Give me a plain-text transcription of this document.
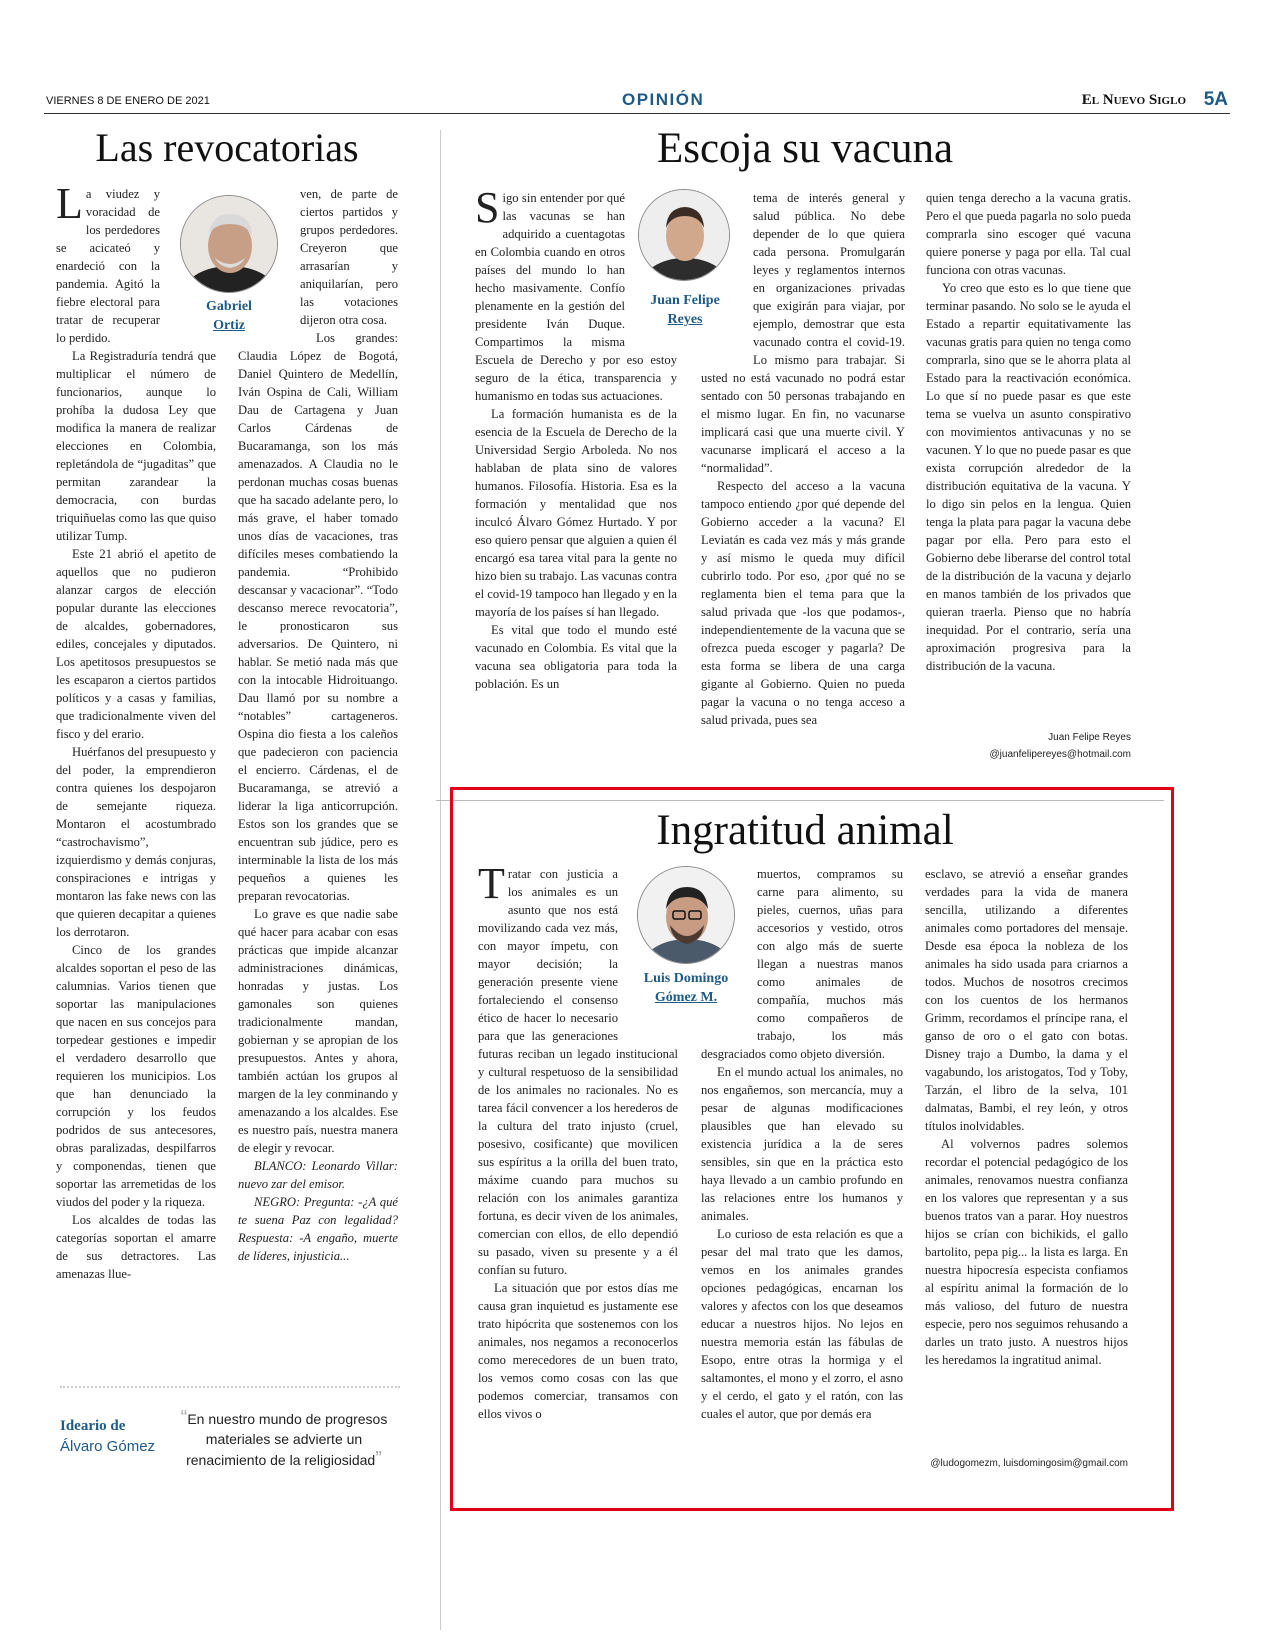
VIERNES 8 DE ENERO DE 2021	OPINIÓN	El Nuevo Siglo 5A
Las revocatorias
Gabriel
Ortiz

La viudez y voracidad de los perdedores se acicateó y enardeció con la pandemia. Agitó la fiebre electoral para tratar de recuperar lo perdido.

La Registraduría tendrá que multiplicar el número de funcionarios, aunque lo prohíba la dudosa Ley que modifica la manera de realizar elecciones en Colombia, repletándola de “jugaditas” que permitan zarandear la democracia, con burdas triquiñuelas como las que quiso utilizar Tump.

Este 21 abrió el apetito de aquellos que no pudieron alanzar cargos de elección popular durante las elecciones de alcaldes, gobernadores, ediles, concejales y diputados. Los apetitosos presupuestos se les escaparon a ciertos partidos políticos y a casas y familias, que tradicionalmente viven del fisco y del erario.

Huérfanos del presupuesto y del poder, la emprendieron contra quienes los despojaron de semejante riqueza. Montaron el acostumbrado “castrochavismo”, izquierdismo y demás conjuras, conspiraciones e intrigas y montaron las fake news con las que quieren decapitar a quienes los derrotaron.

Cinco de los grandes alcaldes soportan el peso de las calumnias. Varios tienen que soportar las manipulaciones que nacen en sus concejos para torpedear gestiones e impedir el verdadero desarrollo que requieren los municipios. Los que han denunciado la corrupción y los feudos podridos de sus antecesores, obras paralizadas, despilfarros y componendas, tienen que soportar las arremetidas de los viudos del poder y la riqueza.

Los alcaldes de todas las categorías soportan el amarre de sus detractores. Las amenazas llue-

ven, de parte de ciertos partidos y grupos perdedores. Creyeron que arrasarían y aniquilarían, pero las votaciones dijeron otra cosa.

Los grandes: Claudia López de Bogotá, Daniel Quintero de Medellín, Iván Ospina de Cali, William Dau de Cartagena y Juan Carlos Cárdenas de Bucaramanga, son los más amenazados. A Claudia no le perdonan muchas cosas buenas que ha sacado adelante pero, lo más grave, el haber tomado unos días de vacaciones, tras difíciles meses combatiendo la pandemia. “Prohibido descansar y vacacionar”. “Todo descanso merece revocatoria”, le pronosticaron sus adversarios. De Quintero, ni hablar. Se metió nada más que con la intocable Hidroituango. Dau llamó por su nombre a “notables” cartageneros. Ospina dio fiesta a los caleños que padecieron con paciencia el encierro. Cárdenas, el de Bucaramanga, se atrevió a liderar la liga anticorrupción. Estos son los grandes que se encuentran sub júdice, pero es interminable la lista de los más pequeños a quienes les preparan revocatorias.

Lo grave es que nadie sabe qué hacer para acabar con esas prácticas que impide alcanzar administraciones dinámicas, honradas y justas. Los gamonales son quienes tradicionalmente mandan, gobiernan y se apropian de los presupuestos. Antes y ahora, también actúan los grupos al margen de la ley conminando y amenazando a los alcaldes. Ese es nuestro país, nuestra manera de elegir y revocar.

BLANCO: Leonardo Villar: nuevo zar del emisor.

NEGRO: Pregunta: -¿A qué te suena Paz con legalidad? Respuesta: -A engaño, muerte de líderes, injusticia...

Ideario de
Álvaro Gómez
“En nuestro mundo de progresos materiales se advierte un renacimiento de la religiosidad”
Escoja su vacuna
Juan Felipe
Reyes

Sigo sin entender por qué las vacunas se han adquirido a cuentagotas en Colombia cuando en otros países del mundo lo han hecho masivamente. Confío plenamente en la gestión del presidente Iván Duque. Compartimos la misma Escuela de Derecho y por eso estoy seguro de la ética, transparencia y humanismo en todas sus actuaciones.

La formación humanista es de la esencia de la Escuela de Derecho de la Universidad Sergio Arboleda. No nos hablaban de plata sino de valores humanos. Filosofía. Historia. Esa es la formación y mentalidad que nos inculcó Álvaro Gómez Hurtado. Y por eso quiero pensar que alguien a quien él encargó esa tarea vital para la gente no hizo bien su trabajo. Las vacunas contra el covid-19 tampoco han llegado y en la mayoría de los países sí han llegado.

Es vital que todo el mundo esté vacunado en Colombia. Es vital que la vacuna sea obligatoria para toda la población. Es un

tema de interés general y salud pública. No debe depender de lo que quiera cada persona. Promulgarán leyes y reglamentos internos en organizaciones privadas que exigirán para viajar, por ejemplo, demostrar que esta vacunado contra el covid-19. Lo mismo para trabajar. Si usted no está vacunado no podrá estar sentado con 50 personas trabajando en el mismo lugar. En fin, no vacunarse implicará casi que una muerte civil. Y vacunarse implicará el acceso a la “normalidad”.

Respecto del acceso a la vacuna tampoco entiendo ¿por qué depende del Gobierno acceder a la vacuna? El Leviatán es cada vez más y más grande y así mismo le queda muy difícil cubrirlo todo. Por eso, ¿por qué no se reglamenta bien el tema para que la salud privada que -los que podamos-, independientemente de la vacuna que se ofrezca pueda escoger y pagarla? De esta forma se libera de una carga gigante al Gobierno. Quien no pueda pagar la vacuna o no tenga acceso a salud privada, pues sea

quien tenga derecho a la vacuna gratis. Pero el que pueda pagarla no solo pueda comprarla sino escoger qué vacuna quiere ponerse y paga por ella. Tal cual funciona con otras vacunas.

Yo creo que esto es lo que tiene que terminar pasando. No solo se le ayuda el Estado a repartir equitativamente las vacunas gratis para quien no tenga como comprarla, sino que se le ahorra plata al Estado para la reactivación económica. Lo que sí no puede pasar es que este tema se vuelva un asunto conspirativo con movimientos antivacunas y no se vacunen. Y lo que no puede pasar es que exista corrupción alrededor de la distribución equitativa de la vacuna. Y lo digo sin pelos en la lengua. Quien tenga la plata para pagar la vacuna debe pagar por ella. Pero para esto el Gobierno debe liberarse del control total de la distribución de la vacuna y dejarlo en manos también de los privados que quieran traerla. Pienso que no habría inequidad. Por el contrario, sería una aproximación progresiva para la distribución de la vacuna.

Juan Felipe Reyes
@juanfelipereyes@hotmail.com
Ingratitud animal
Luis Domingo
Gómez M.

Tratar con justicia a los animales es un asunto que nos está movilizando cada vez más, con mayor ímpetu, con mayor decisión; la generación presente viene fortaleciendo el consenso ético de hacer lo necesario para que las generaciones futuras reciban un legado institucional y cultural respetuoso de la sensibilidad de los animales no racionales. No es tarea fácil convencer a los herederos de la cultura del trato injusto (cruel, posesivo, cosificante) que movilicen sus espíritus a la orilla del buen trato, máxime cuando para muchos su relación con los animales garantiza fortuna, es decir viven de los animales, comercian con ellos, de ello dependió su pasado, viven su presente y a él confían su futuro.

La situación que por estos días me causa gran inquietud es justamente ese trato hipócrita que sostenemos con los animales, nos negamos a reconocerlos como merecedores de un buen trato, los vemos como cosas con las que podemos comerciar, transamos con ellos vivos o

muertos, compramos su carne para alimento, su pieles, cuernos, uñas para accesorios y vestido, otros con algo más de suerte llegan a nuestras manos como animales de compañía, muchos más como compañeros de trabajo, los más desgraciados como objeto diversión.

En el mundo actual los animales, no nos engañemos, son mercancía, muy a pesar de algunas modificaciones plausibles que han elevado su existencia jurídica a la de seres sensibles, sin que en la práctica esto haya llevado a un cambio profundo en las relaciones entre los humanos y animales.

Lo curioso de esta relación es que a pesar del mal trato que les damos, vemos en los animales grandes opciones pedagógicas, encarnan los valores y afectos con los que deseamos educar a nuestros hijos. No lejos en nuestra memoria están las fábulas de Esopo, entre otras la hormiga y el saltamontes, el mono y el zorro, el asno y el cerdo, el gato y el ratón, con las cuales el autor, que por demás era

esclavo, se atrevió a enseñar grandes verdades para la vida de manera sencilla, utilizando a diferentes animales como portadores del mensaje. Desde esa época la nobleza de los animales ha sido usada para criarnos a todos. Muchos de nosotros crecimos con los cuentos de los hermanos Grimm, recordamos el príncipe rana, el ganso de oro o el gato con botas. Disney trajo a Dumbo, la dama y el vagabundo, los aristogatos, Tod y Toby, Tarzán, el libro de la selva, 101 dalmatas, Bambi, el rey león, y otros títulos inolvidables.

Al volvernos padres solemos recordar el potencial pedagógico de los animales, renovamos nuestra confianza en los valores que representan y a sus buenos tratos van a parar. Hoy nuestros hijos se crían con bichikids, el gallo bartolito, pepa pig... la lista es larga. En nuestra hipocresía especista confiamos al espíritu animal la formación de lo más valioso, del futuro de nuestra especie, pero nos seguimos rehusando a darles un trato justo. A nuestros hijos les heredamos la ingratitud animal.

@ludogomezm, luisdomingosim@gmail.com
